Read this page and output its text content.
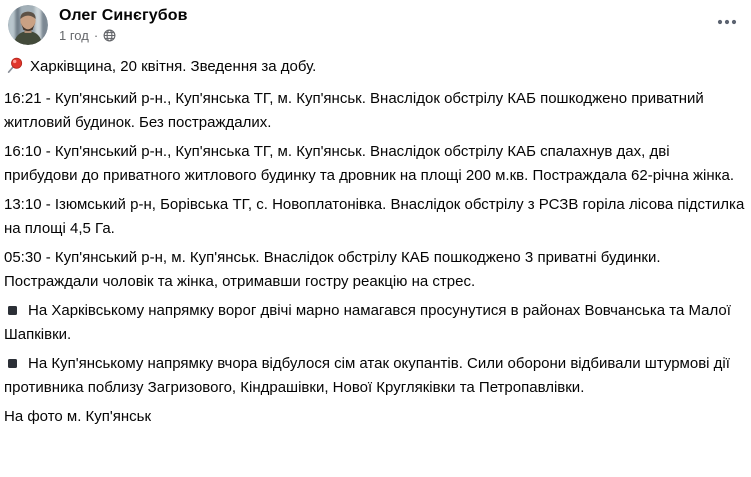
Олег Синєгубов
1 год ·

Харківщина, 20 квітня. Зведення за добу.

16:21 - Куп'янський р-н., Куп'янська ТГ, м. Куп'янськ. Внаслідок обстрілу КАБ пошкоджено приватний житловий будинок. Без постраждалих.

16:10 - Куп'янський р-н., Куп'янська ТГ, м. Куп'янськ. Внаслідок обстрілу КАБ спалахнув дах, дві прибудови до приватного житлового будинку та дровник на площі 200 м.кв. Постраждала 62-річна жінка.

13:10 - Ізюмський р-н, Борівська ТГ, с. Новоплатонівка. Внаслідок обстрілу з РСЗВ горіла лісова підстилка на площі 4,5 Га.

05:30 - Куп'янський р-н, м. Куп'янськ. Внаслідок обстрілу КАБ пошкоджено 3 приватні будинки. Постраждали чоловік та жінка, отримавши гостру реакцію на стрес.

На Харківському напрямку ворог двічі марно намагався просунутися в районах Вовчанська та Малої Шапківки.

На Куп'янському напрямку вчора відбулося сім атак окупантів. Сили оборони відбивали штурмові дії противника поблизу Загризового, Кіндрашівки, Нової Кругляківки та Петропавлівки.

На фото м. Куп'янськ
